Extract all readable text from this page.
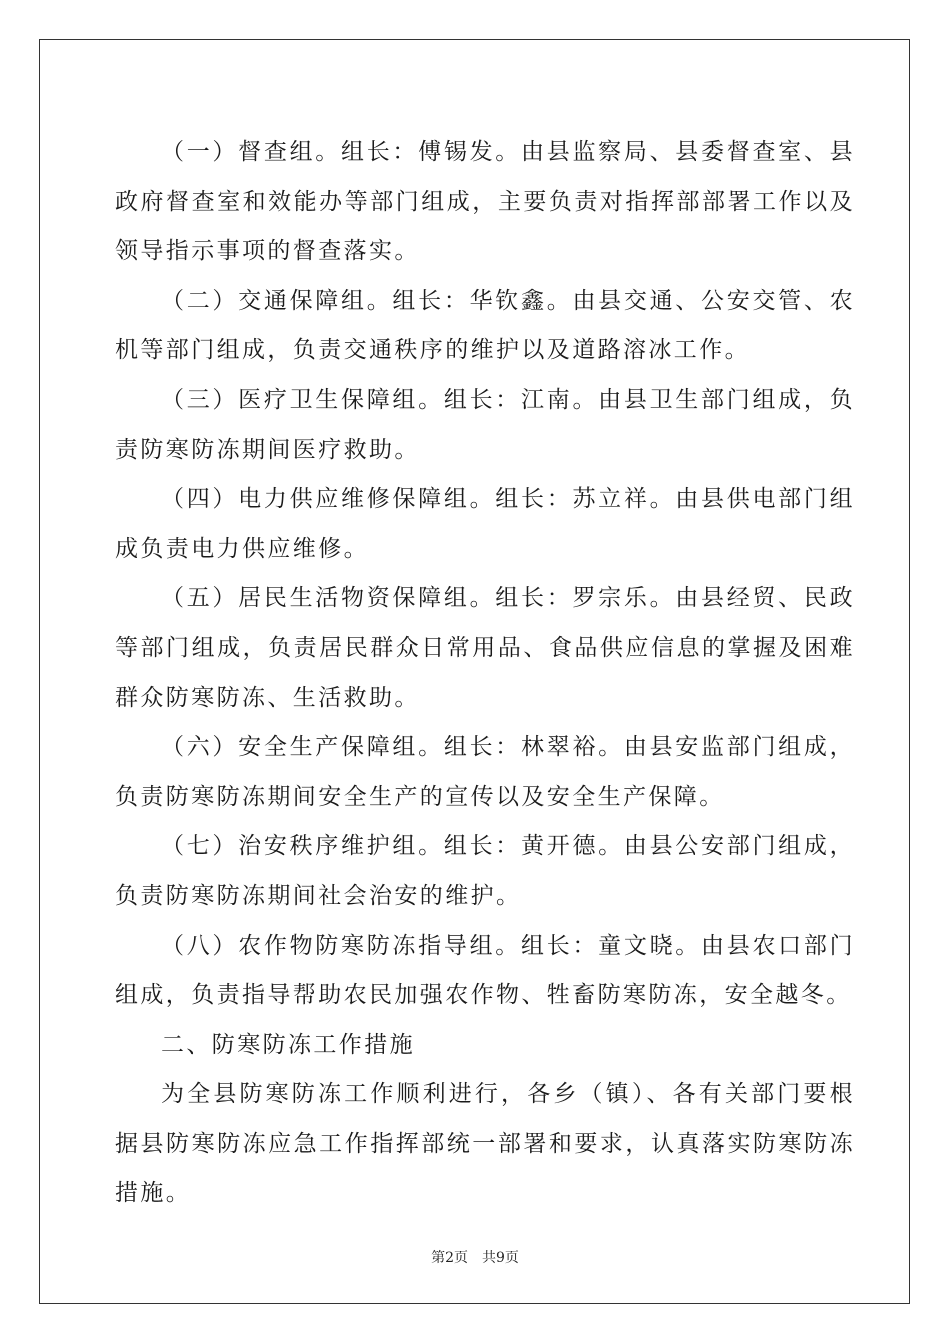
（一）督查组。组长：傅锡发。由县监察局、县委督查室、县政府督查室和效能办等部门组成，主要负责对指挥部部署工作以及领导指示事项的督查落实。

（二）交通保障组。组长：华钦鑫。由县交通、公安交管、农机等部门组成，负责交通秩序的维护以及道路溶冰工作。

（三）医疗卫生保障组。组长：江南。由县卫生部门组成，负责防寒防冻期间医疗救助。

（四）电力供应维修保障组。组长：苏立祥。由县供电部门组成负责电力供应维修。

（五）居民生活物资保障组。组长：罗宗乐。由县经贸、民政等部门组成，负责居民群众日常用品、食品供应信息的掌握及困难群众防寒防冻、生活救助。

（六）安全生产保障组。组长：林翠裕。由县安监部门组成，负责防寒防冻期间安全生产的宣传以及安全生产保障。

（七）治安秩序维护组。组长：黄开德。由县公安部门组成，负责防寒防冻期间社会治安的维护。

（八）农作物防寒防冻指导组。组长：童文晓。由县农口部门组成，负责指导帮助农民加强农作物、牲畜防寒防冻，安全越冬。

二、防寒防冻工作措施

为全县防寒防冻工作顺利进行，各乡（镇）、各有关部门要根据县防寒防冻应急工作指挥部统一部署和要求，认真落实防寒防冻措施。

第2页　共9页
